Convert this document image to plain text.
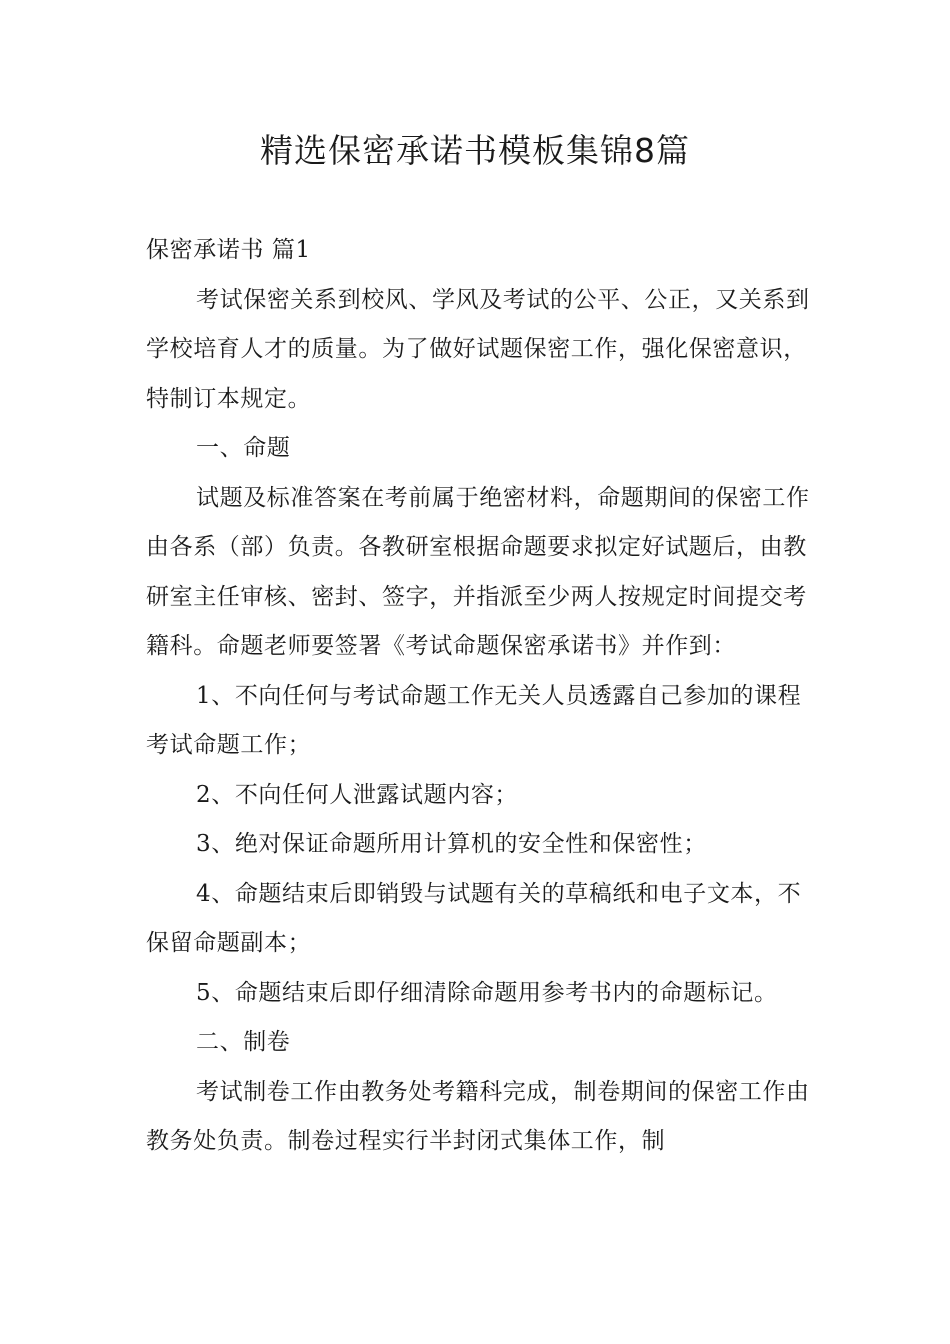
精选保密承诺书模板集锦8篇

保密承诺书 篇1

考试保密关系到校风、学风及考试的公平、公正，又关系到学校培育人才的质量。为了做好试题保密工作，强化保密意识，特制订本规定。

一、命题

试题及标准答案在考前属于绝密材料，命题期间的保密工作由各系（部）负责。各教研室根据命题要求拟定好试题后，由教研室主任审核、密封、签字，并指派至少两人按规定时间提交考籍科。命题老师要签署《考试命题保密承诺书》并作到：

1、不向任何与考试命题工作无关人员透露自己参加的课程考试命题工作；

2、不向任何人泄露试题内容；

3、绝对保证命题所用计算机的安全性和保密性；

4、命题结束后即销毁与试题有关的草稿纸和电子文本，不保留命题副本；

5、命题结束后即仔细清除命题用参考书内的命题标记。

二、制卷

考试制卷工作由教务处考籍科完成，制卷期间的保密工作由教务处负责。制卷过程实行半封闭式集体工作，制
